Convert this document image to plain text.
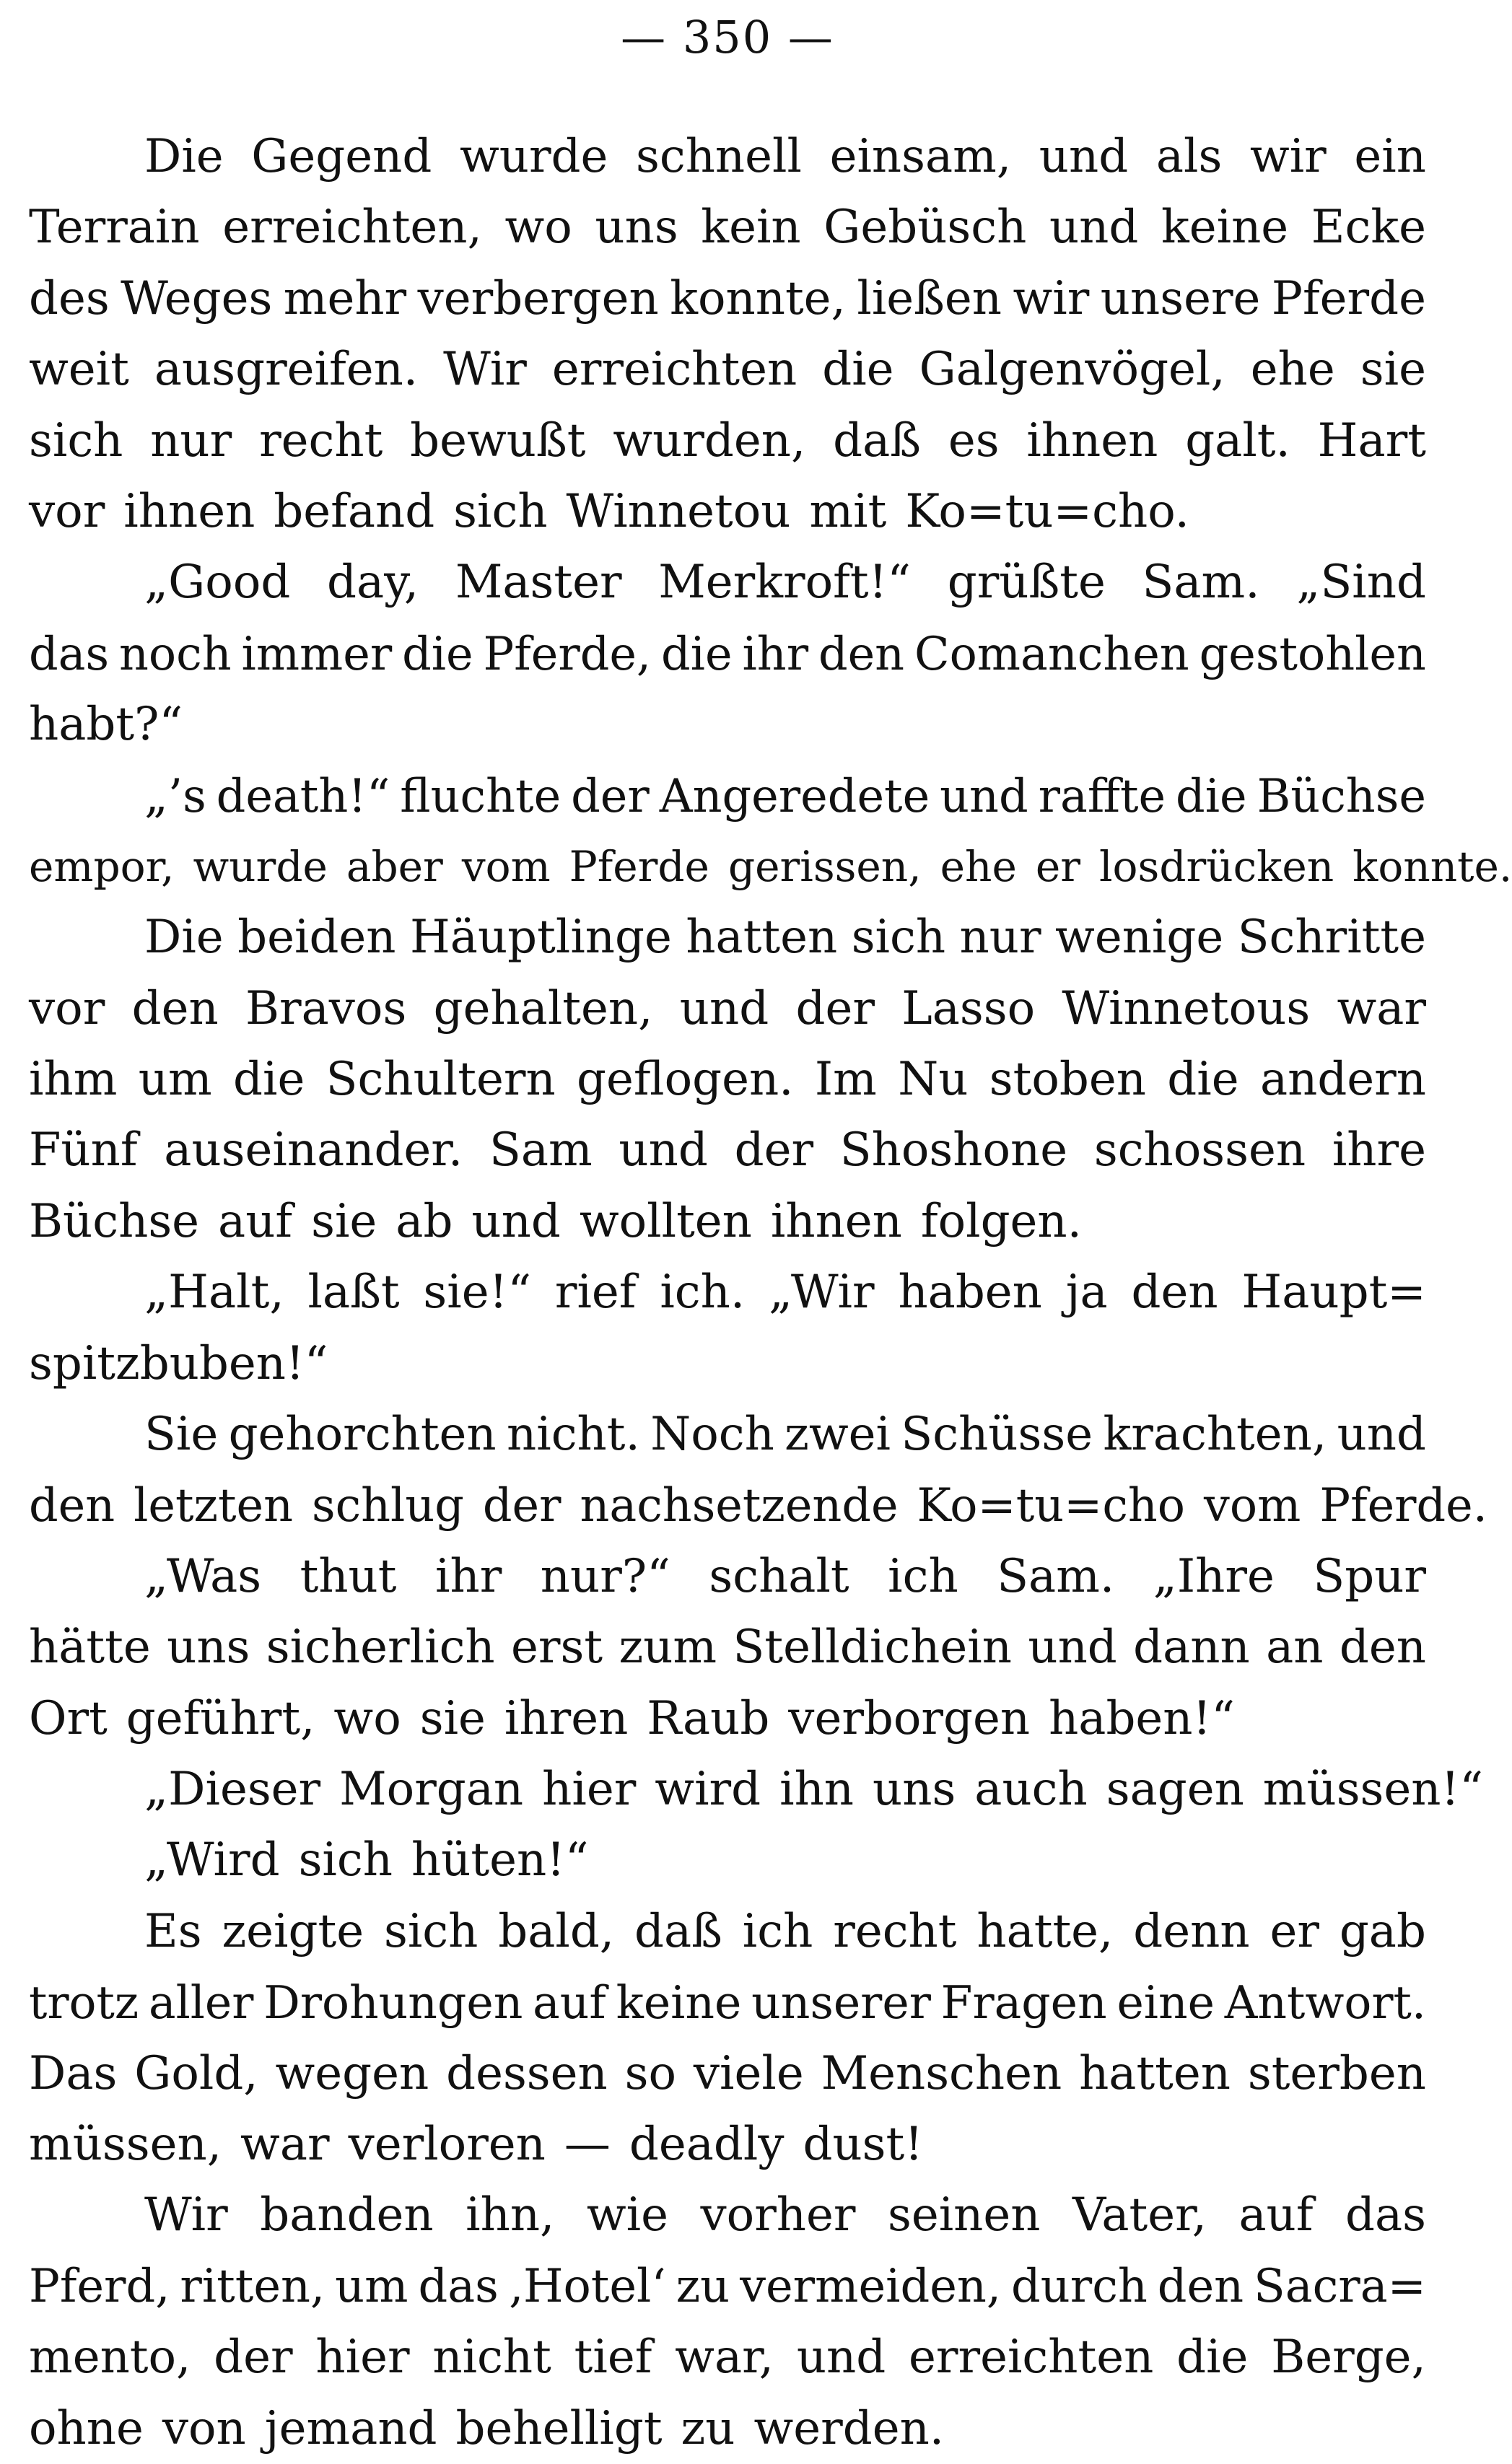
— 350 —
Die Gegend wurde schnell einsam, und als wir ein
Terrain erreichten, wo uns kein Gebüsch und keine Ecke
des Weges mehr verbergen konnte, ließen wir unsere Pferde
weit ausgreifen. Wir erreichten die Galgenvögel, ehe sie
sich nur recht bewußt wurden, daß es ihnen galt. Hart
vor ihnen befand sich Winnetou mit Ko=tu=cho.
„Good day, Master Merkroft!“ grüßte Sam. „Sind
das noch immer die Pferde, die ihr den Comanchen gestohlen
habt?“
„’s death!“ fluchte der Angeredete und raffte die Büchse
empor, wurde aber vom Pferde gerissen, ehe er losdrücken konnte.
Die beiden Häuptlinge hatten sich nur wenige Schritte
vor den Bravos gehalten, und der Lasso Winnetous war
ihm um die Schultern geflogen. Im Nu stoben die andern
Fünf auseinander. Sam und der Shoshone schossen ihre
Büchse auf sie ab und wollten ihnen folgen.
„Halt, laßt sie!“ rief ich. „Wir haben ja den Haupt=
spitzbuben!“
Sie gehorchten nicht. Noch zwei Schüsse krachten, und
den letzten schlug der nachsetzende Ko=tu=cho vom Pferde.
„Was thut ihr nur?“ schalt ich Sam. „Ihre Spur
hätte uns sicherlich erst zum Stelldichein und dann an den
Ort geführt, wo sie ihren Raub verborgen haben!“
„Dieser Morgan hier wird ihn uns auch sagen müssen!“
„Wird sich hüten!“
Es zeigte sich bald, daß ich recht hatte, denn er gab
trotz aller Drohungen auf keine unserer Fragen eine Antwort.
Das Gold, wegen dessen so viele Menschen hatten sterben
müssen, war verloren — deadly dust!
Wir banden ihn, wie vorher seinen Vater, auf das
Pferd, ritten, um das ‚Hotel‘ zu vermeiden, durch den Sacra=
mento, der hier nicht tief war, und erreichten die Berge,
ohne von jemand behelligt zu werden.
